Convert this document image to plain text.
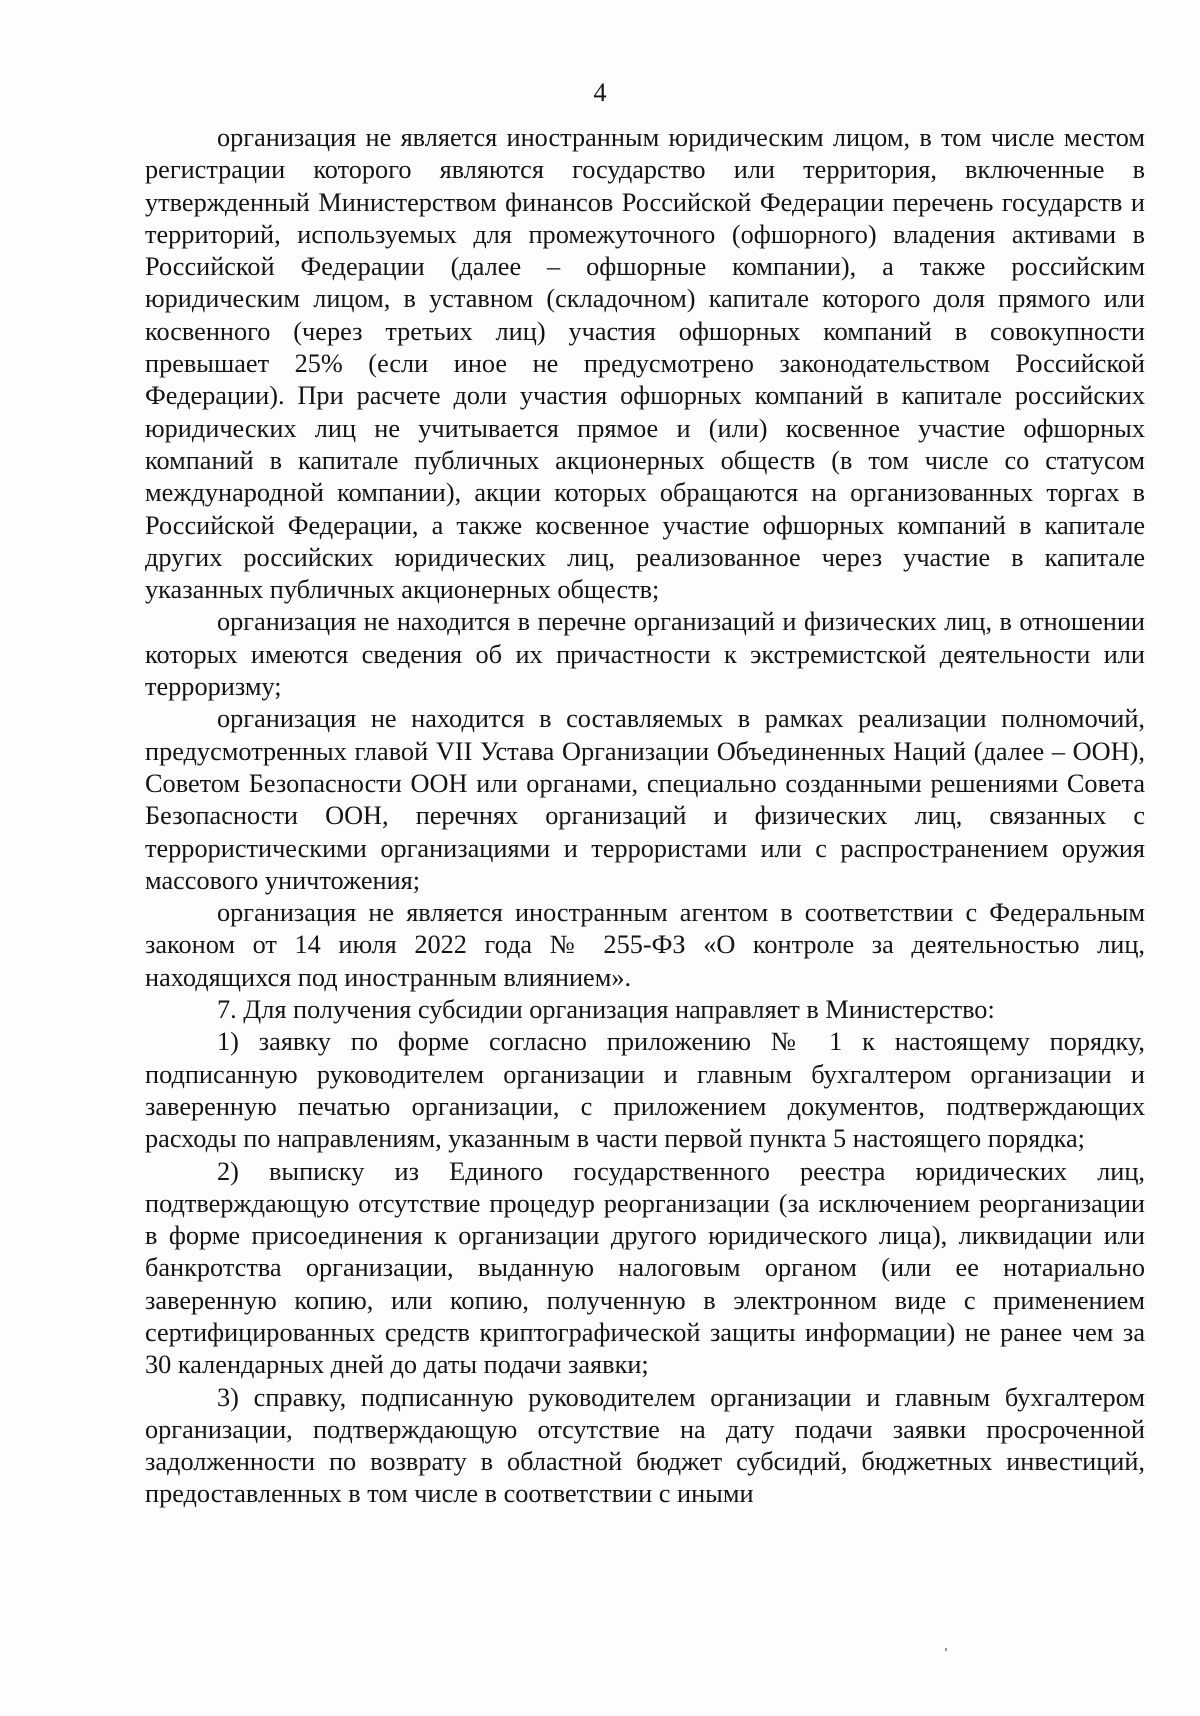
4

организация не является иностранным юридическим лицом, в том числе местом регистрации которого являются государство или территория, включенные в утвержденный Министерством финансов Российской Федерации перечень государств и территорий, используемых для промежуточного (офшорного) владения активами в Российской Федерации (далее – офшорные компании), а также российским юридическим лицом, в уставном (складочном) капитале которого доля прямого или косвенного (через третьих лиц) участия офшорных компаний в совокупности превышает 25% (если иное не предусмотрено законодательством Российской Федерации). При расчете доли участия офшорных компаний в капитале российских юридических лиц не учитывается прямое и (или) косвенное участие офшорных компаний в капитале публичных акционерных обществ (в том числе со статусом международной компании), акции которых обращаются на организованных торгах в Российской Федерации, а также косвенное участие офшорных компаний в капитале других российских юридических лиц, реализованное через участие в капитале указанных публичных акционерных обществ;

организация не находится в перечне организаций и физических лиц, в отношении которых имеются сведения об их причастности к экстремистской деятельности или терроризму;

организация не находится в составляемых в рамках реализации полномочий, предусмотренных главой VII Устава Организации Объединенных Наций (далее – ООН), Советом Безопасности ООН или органами, специально созданными решениями Совета Безопасности ООН, перечнях организаций и физических лиц, связанных с террористическими организациями и террористами или с распространением оружия массового уничтожения;

организация не является иностранным агентом в соответствии с Федеральным законом от 14 июля 2022 года № 255-ФЗ «О контроле за деятельностью лиц, находящихся под иностранным влиянием».

7. Для получения субсидии организация направляет в Министерство:

1) заявку по форме согласно приложению № 1 к настоящему порядку, подписанную руководителем организации и главным бухгалтером организации и заверенную печатью организации, с приложением документов, подтверждающих расходы по направлениям, указанным в части первой пункта 5 настоящего порядка;

2) выписку из Единого государственного реестра юридических лиц, подтверждающую отсутствие процедур реорганизации (за исключением реорганизации в форме присоединения к организации другого юридического лица), ликвидации или банкротства организации, выданную налоговым органом (или ее нотариально заверенную копию, или копию, полученную в электронном виде с применением сертифицированных средств криптографической защиты информации) не ранее чем за 30 календарных дней до даты подачи заявки;

3) справку, подписанную руководителем организации и главным бухгалтером организации, подтверждающую отсутствие на дату подачи заявки просроченной задолженности по возврату в областной бюджет субсидий, бюджетных инвестиций, предоставленных в том числе в соответствии с иными
